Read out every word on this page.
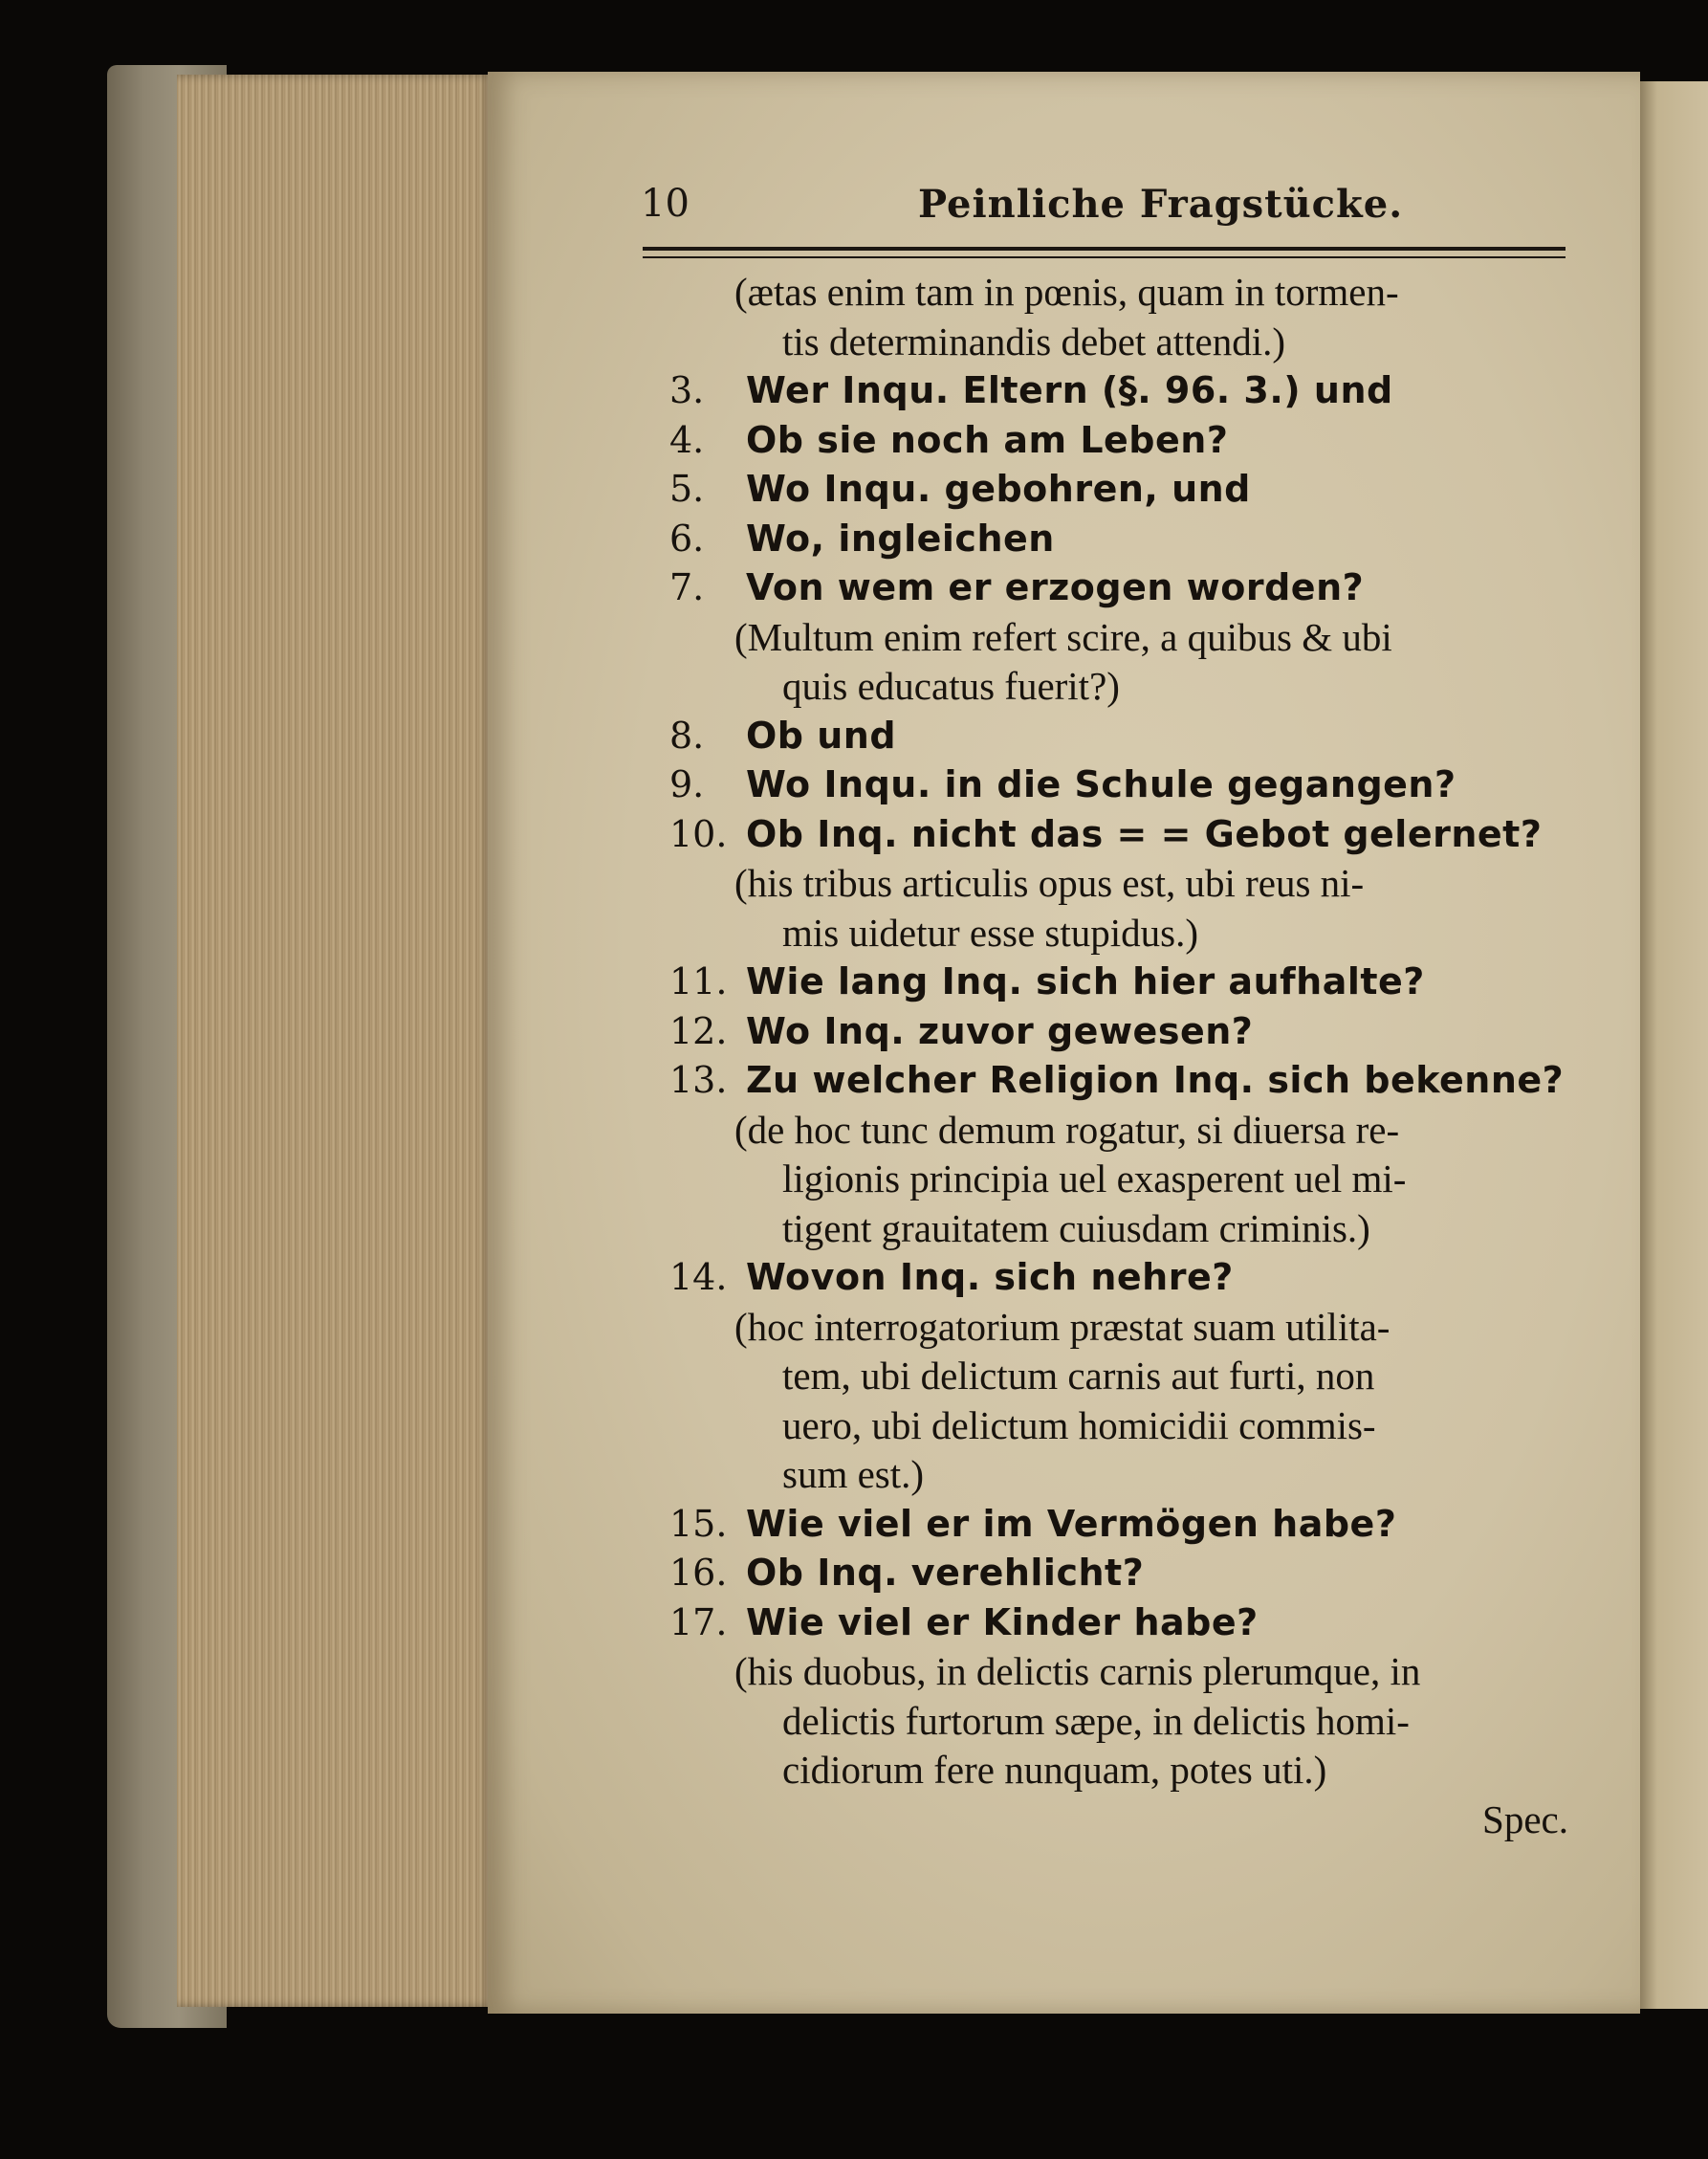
10	Peinliche Fragstücke.
(ætas enim tam in pœnis, quam in tormen-
tis determinandis debet attendi.)
3. Wer Inqu. Eltern (§. 96. 3.) und
4. Ob sie noch am Leben?
5. Wo Inqu. gebohren, und
6. Wo, ingleichen
7. Von wem er erzogen worden?
(Multum enim refert scire, a quibus & ubi
quis educatus fuerit?)
8. Ob und
9. Wo Inqu. in die Schule gegangen?
10. Ob Inq. nicht das = = Gebot gelernet?
(his tribus articulis opus est, ubi reus ni-
mis uidetur esse stupidus.)
11. Wie lang Inq. sich hier aufhalte?
12. Wo Inq. zuvor gewesen?
13. Zu welcher Religion Inq. sich bekenne?
(de hoc tunc demum rogatur, si diuersa re-
ligionis principia uel exasperent uel mi-
tigent grauitatem cuiusdam criminis.)
14. Wovon Inq. sich nehre?
(hoc interrogatorium præstat suam utilita-
tem, ubi delictum carnis aut furti, non
uero, ubi delictum homicidii commis-
sum est.)
15. Wie viel er im Vermögen habe?
16. Ob Inq. verehlicht?
17. Wie viel er Kinder habe?
(his duobus, in delictis carnis plerumque, in
delictis furtorum sæpe, in delictis homi-
cidiorum fere nunquam, potes uti.)
Spec.
